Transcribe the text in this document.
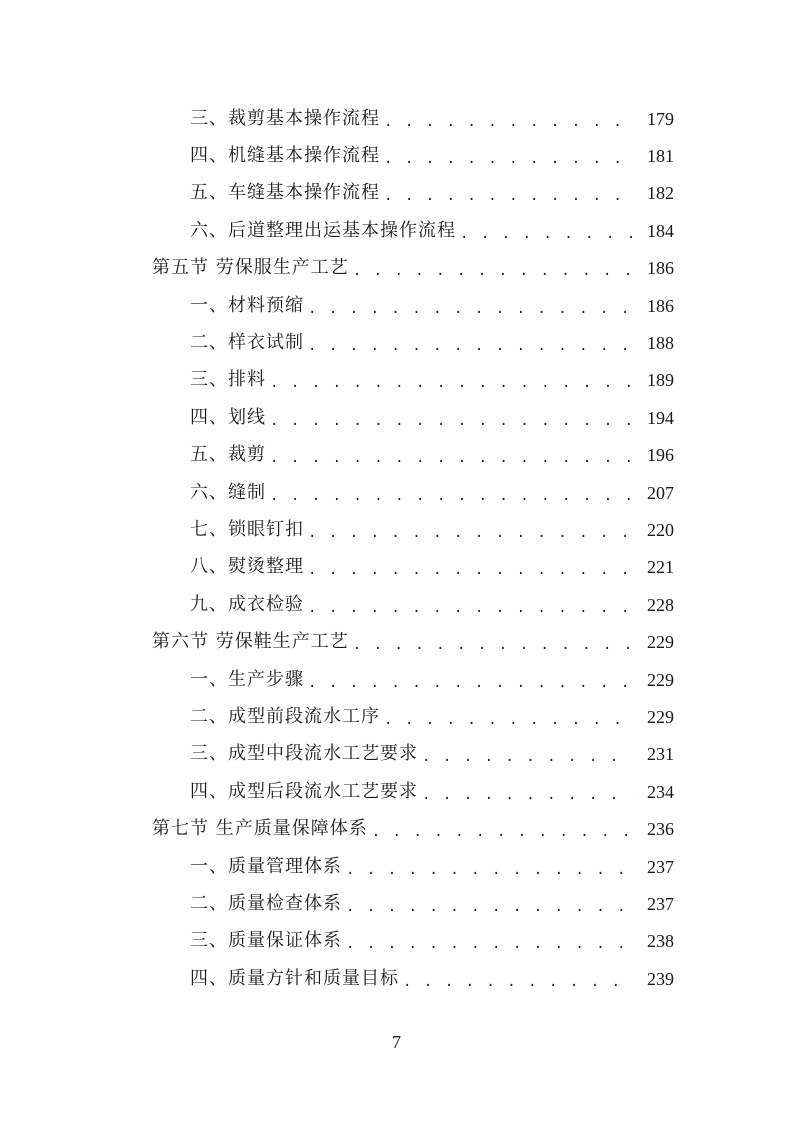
三、裁剪基本操作流程 . . .	179
四、机缝基本操作流程 . . .	181
五、车缝基本操作流程 . . .	182
六、后道整理出运基本操作流程 . . .	184
第五节 劳保服生产工艺 . . .	186
一、材料预缩 . . .	186
二、样衣试制 . . .	188
三、排料 . . .	189
四、划线 . . .	194
五、裁剪 . . .	196
六、缝制 . . .	207
七、锁眼钉扣 . . .	220
八、熨烫整理 . . .	221
九、成衣检验 . . .	228
第六节 劳保鞋生产工艺 . . .	229
一、生产步骤 . . .	229
二、成型前段流水工序 . . .	229
三、成型中段流水工艺要求 . . .	231
四、成型后段流水工艺要求 . . .	234
第七节 生产质量保障体系 . . .	236
一、质量管理体系 . . .	237
二、质量检查体系 . . .	237
三、质量保证体系 . . .	238
四、质量方针和质量目标 . . .	239
7
